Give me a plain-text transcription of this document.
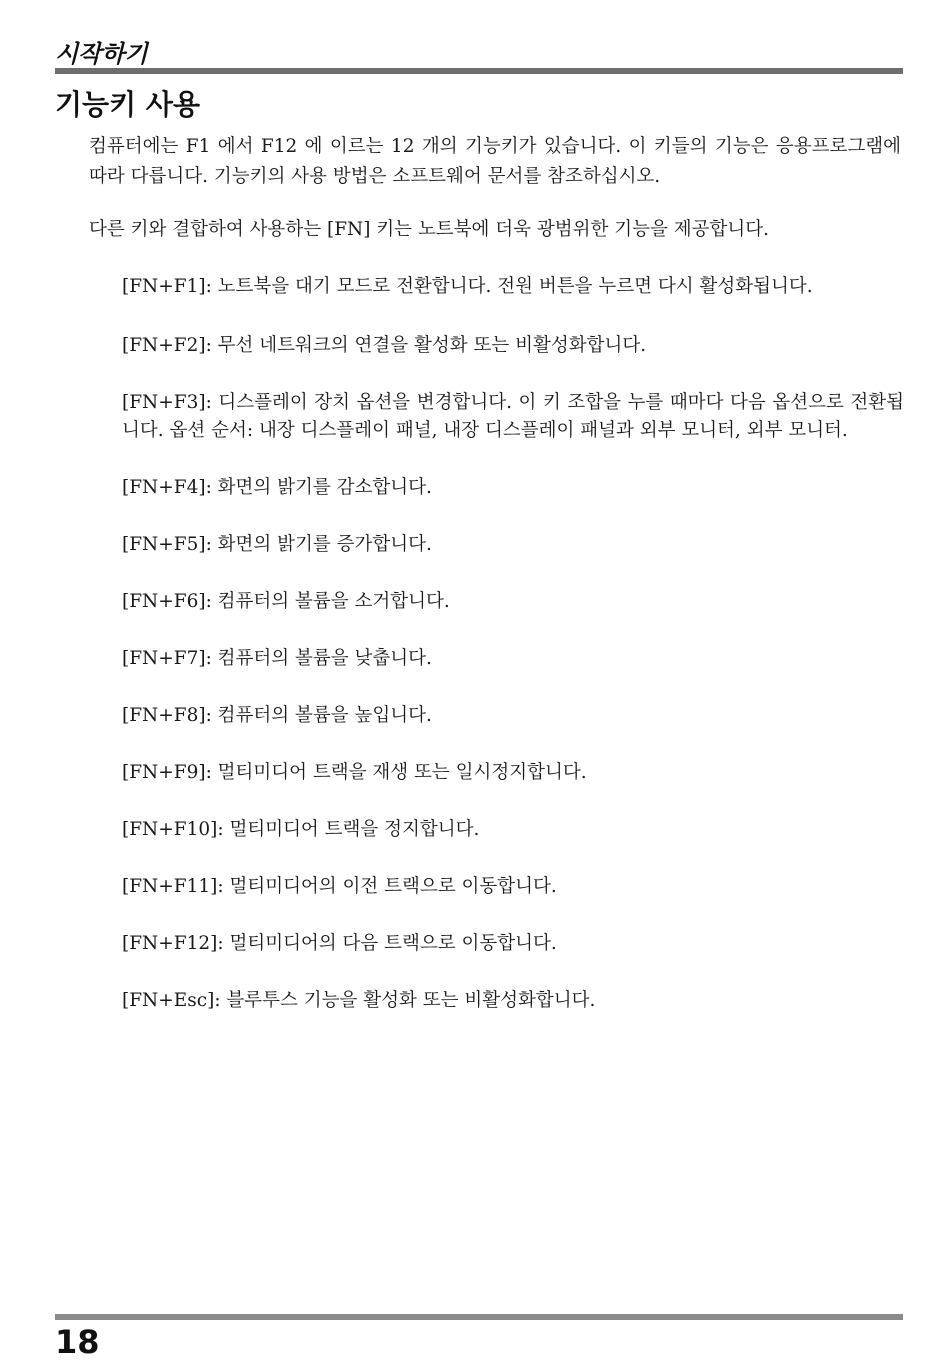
시작하기
기능키 사용

컴퓨터에는 F1 에서 F12 에 이르는 12 개의 기능키가 있습니다. 이 키들의 기능은 응용프로그램에 따라 다릅니다. 기능키의 사용 방법은 소프트웨어 문서를 참조하십시오.

다른 키와 결합하여 사용하는 [FN] 키는 노트북에 더욱 광범위한 기능을 제공합니다.

[FN+F1]: 노트북을 대기 모드로 전환합니다. 전원 버튼을 누르면 다시 활성화됩니다.
[FN+F2]: 무선 네트워크의 연결을 활성화 또는 비활성화합니다.
[FN+F3]: 디스플레이 장치 옵션을 변경합니다. 이 키 조합을 누를 때마다 다음 옵션으로 전환됩니다. 옵션 순서: 내장 디스플레이 패널, 내장 디스플레이 패널과 외부 모니터, 외부 모니터.
[FN+F4]: 화면의 밝기를 감소합니다.
[FN+F5]: 화면의 밝기를 증가합니다.
[FN+F6]: 컴퓨터의 볼륨을 소거합니다.
[FN+F7]: 컴퓨터의 볼륨을 낮춥니다.
[FN+F8]: 컴퓨터의 볼륨을 높입니다.
[FN+F9]: 멀티미디어 트랙을 재생 또는 일시정지합니다.
[FN+F10]: 멀티미디어 트랙을 정지합니다.
[FN+F11]: 멀티미디어의 이전 트랙으로 이동합니다.
[FN+F12]: 멀티미디어의 다음 트랙으로 이동합니다.
[FN+Esc]: 블루투스 기능을 활성화 또는 비활성화합니다.
18
